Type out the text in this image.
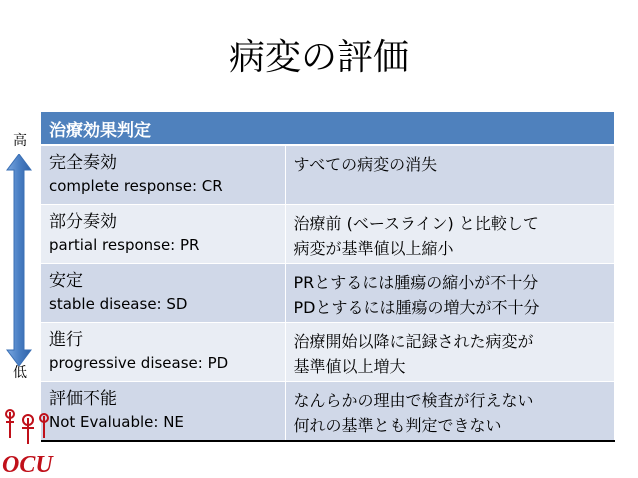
病変の評価
高
低
治療効果判定	

完全奏効
complete response: CR	すべての病変の消失

部分奏効
partial response: PR	治療前 (ベースライン) と比較して
病変が基準値以上縮小

安定
stable disease: SD	PRとするには腫瘍の縮小が不十分
PDとするには腫瘍の増大が不十分

進行
progressive disease: PD	治療開始以降に記録された病変が
基準値以上増大

評価不能
Not Evaluable: NE	なんらかの理由で検査が行えない
何れの基準とも判定できない
OCU
